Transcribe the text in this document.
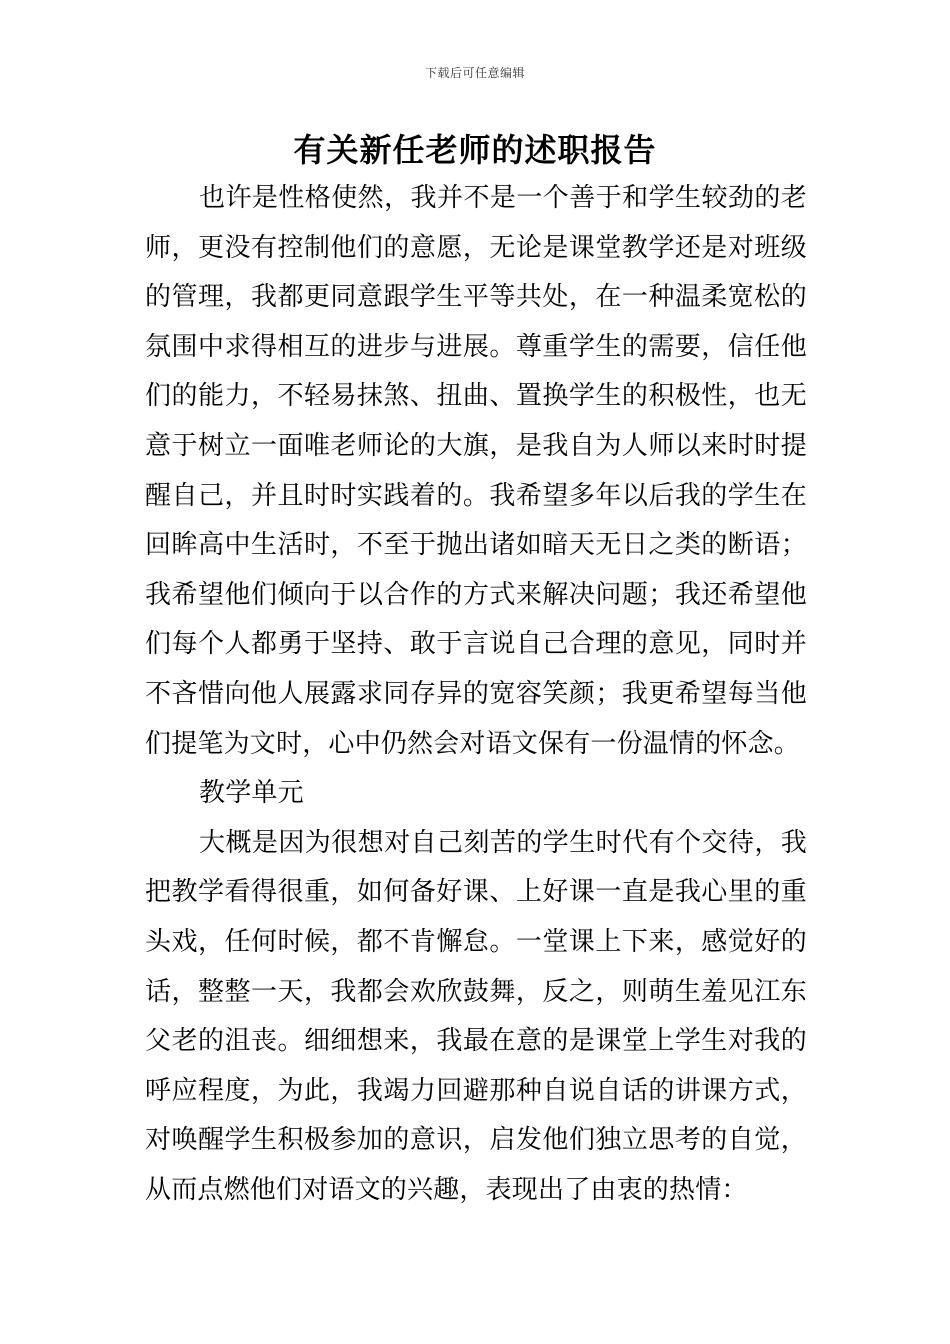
下载后可任意编辑
有关新任老师的述职报告

也许是性格使然，我并不是一个善于和学生较劲的老师，更没有控制他们的意愿，无论是课堂教学还是对班级的管理，我都更同意跟学生平等共处，在一种温柔宽松的氛围中求得相互的进步与进展。尊重学生的需要，信任他们的能力，不轻易抹煞、扭曲、置换学生的积极性，也无意于树立一面唯老师论的大旗，是我自为人师以来时时提醒自己，并且时时实践着的。我希望多年以后我的学生在回眸高中生活时，不至于抛出诸如暗天无日之类的断语；我希望他们倾向于以合作的方式来解决问题；我还希望他们每个人都勇于坚持、敢于言说自己合理的意见，同时并不吝惜向他人展露求同存异的宽容笑颜；我更希望每当他们提笔为文时，心中仍然会对语文保有一份温情的怀念。

教学单元

大概是因为很想对自己刻苦的学生时代有个交待，我把教学看得很重，如何备好课、上好课一直是我心里的重头戏，任何时候，都不肯懈怠。一堂课上下来，感觉好的话，整整一天，我都会欢欣鼓舞，反之，则萌生羞见江东父老的沮丧。细细想来，我最在意的是课堂上学生对我的呼应程度，为此，我竭力回避那种自说自话的讲课方式，对唤醒学生积极参加的意识，启发他们独立思考的自觉，从而点燃他们对语文的兴趣，表现出了由衷的热情：
